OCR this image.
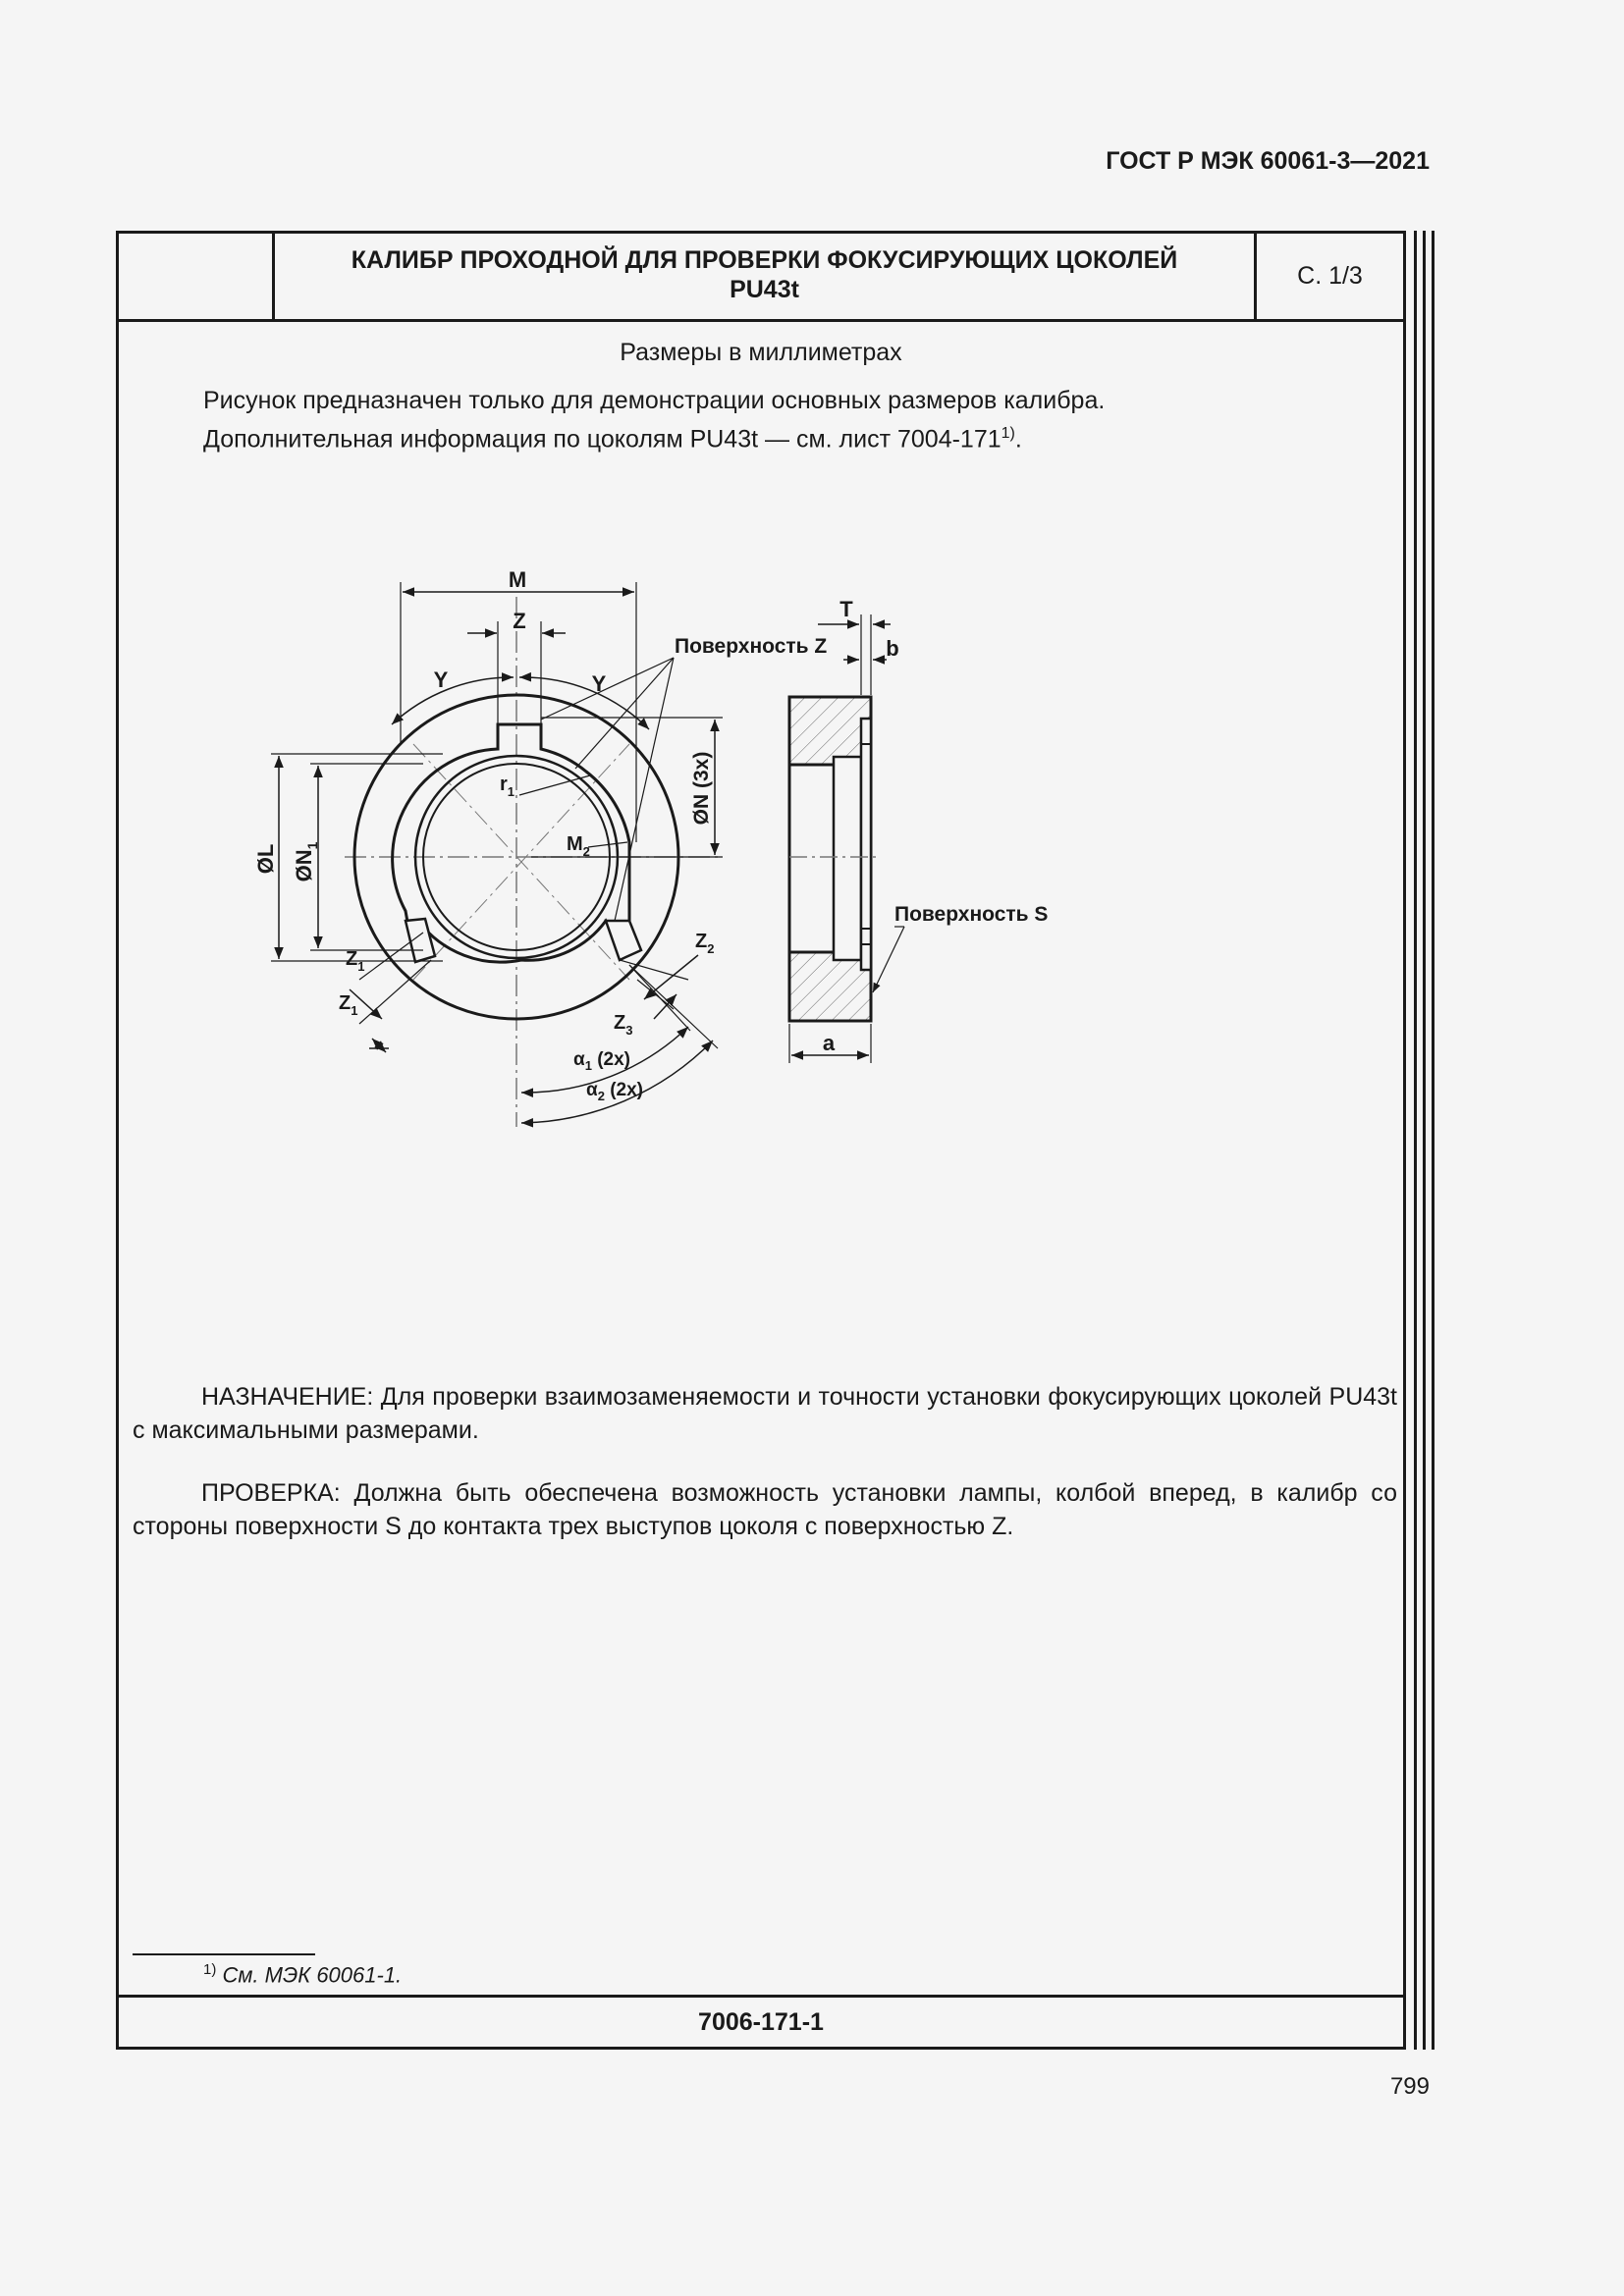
ГОСТ Р МЭК 60061-3—2021
КАЛИБР ПРОХОДНОЙ ДЛЯ ПРОВЕРКИ ФОКУСИРУЮЩИХ ЦОКОЛЕЙ
PU43t	С. 1/3
Размеры в миллиметрах
Рисунок предназначен только для демонстрации основных размеров калибра.
Дополнительная информация по цоколям PU43t — см. лист 7004-171$^{1)}$.
M
Z
Y	Y
Поверхность Z
Поверхность S
T
b
a
ØN (3x)
ØL $ØN_1$
$r_1$
$M_2$
$Z_1$
$Z_1$
$Z_2$
$Z_3$
$\alpha_1$ (2x)
$\alpha_2$ (2x)
НАЗНАЧЕНИЕ: Для проверки взаимозаменяемости и точности установки фокусирующих цоколей PU43t с максимальными размерами.
ПРОВЕРКА: Должна быть обеспечена возможность установки лампы, колбой вперед, в калибр со стороны поверхности S до контакта трех выступов цоколя с поверхностью Z.
$^{1)}$ См. МЭК 60061-1.
7006-171-1
799
